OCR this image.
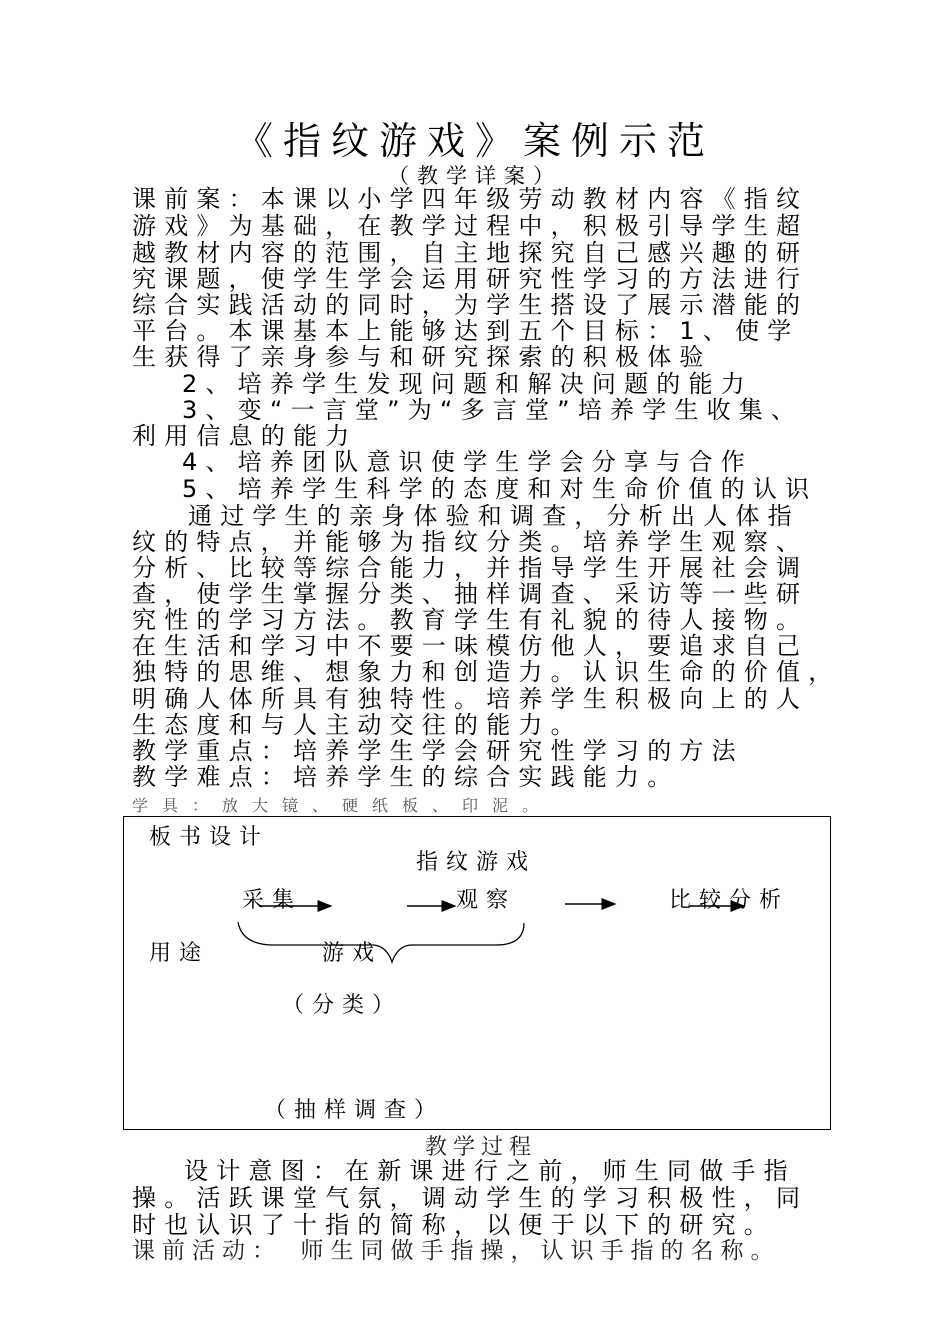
《指纹游戏》案例示范
（教学详案）
课前案：本课以小学四年级劳动教材内容《指纹
游戏》为基础，在教学过程中，积极引导学生超
越教材内容的范围，自主地探究自己感兴趣的研
究课题，使学生学会运用研究性学习的方法进行
综合实践活动的同时，为学生搭设了展示潜能的
平台。本课基本上能够达到五个目标：1、使学
生获得了亲身参与和研究探索的积极体验
2、培养学生发现问题和解决问题的能力
3、变“一言堂”为“多言堂”培养学生收集、
利用信息的能力
4、培养团队意识使学生学会分享与合作
5、培养学生科学的态度和对生命价值的认识
通过学生的亲身体验和调查，分析出人体指
纹的特点，并能够为指纹分类。培养学生观察、
分析、比较等综合能力，并指导学生开展社会调
查，使学生掌握分类、抽样调查、采访等一些研
究性的学习方法。教育学生有礼貌的待人接物。
在生活和学习中不要一味模仿他人，要追求自己
独特的思维、想象力和创造力。认识生命的价值，
明确人体所具有独特性。培养学生积极向上的人
生态度和与人主动交往的能力。
教学重点：培养学生学会研究性学习的方法
教学难点：培养学生的综合实践能力。
学具：放大镜、硬纸板、印泥。
板书设计
指纹游戏
采集	观察	比较分析
用途	游戏
（分类）
（抽样调查）
教学过程
设计意图：在新课进行之前，师生同做手指
操。活跃课堂气氛，调动学生的学习积极性，同
时也认识了十指的简称，以便于以下的研究。
课前活动：　师生同做手指操，认识手指的名称。
